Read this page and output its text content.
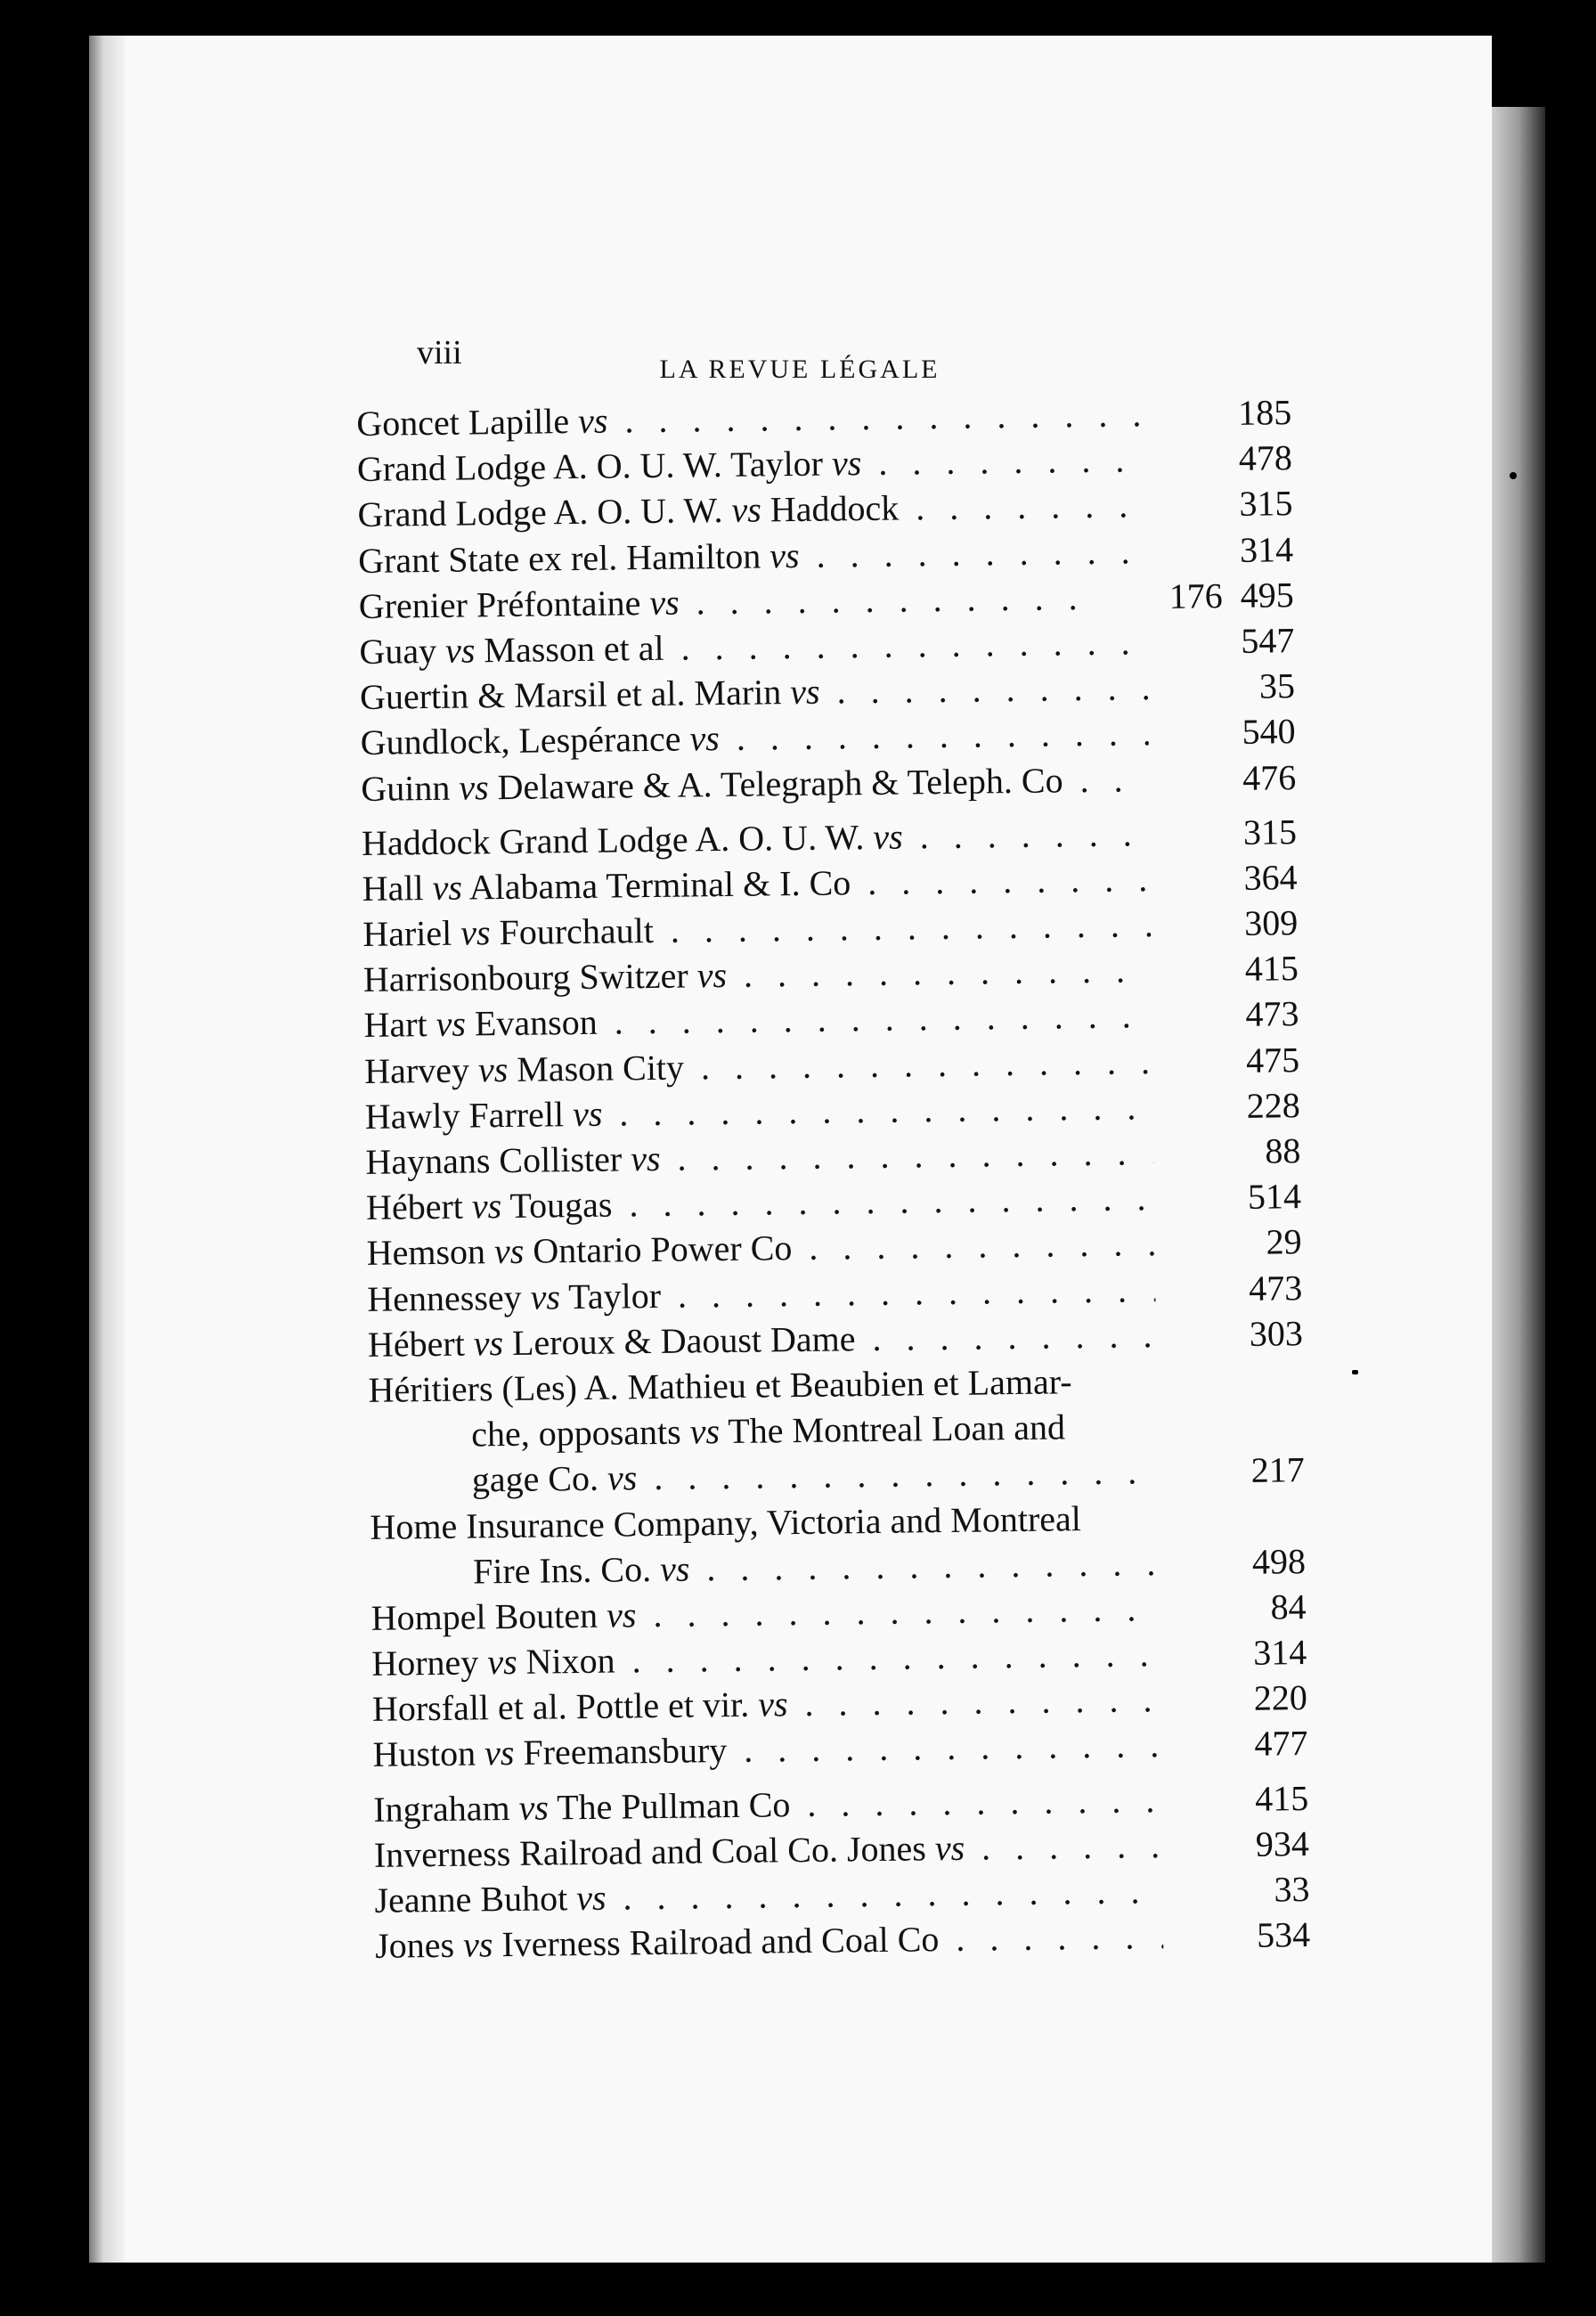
viii	LA REVUE LÉGALE
Goncet Lapille vs . . .	185
Grand Lodge A. O. U. W. Taylor vs . . .	478
Grand Lodge A. O. U. W. vs Haddock . . .	315
Grant State ex rel. Hamilton vs . . .	314
Grenier Préfontaine vs . . .	176  495
Guay vs Masson et al . . .	547
Guertin & Marsil et al. Marin vs . . .	35
Gundlock, Lespérance vs . . .	540
Guinn vs Delaware & A. Telegraph & Teleph. Co . . .	476
Haddock Grand Lodge A. O. U. W. vs . . .	315
Hall vs Alabama Terminal & I. Co . . .	364
Hariel vs Fourchault . . .	309
Harrisonbourg Switzer vs . . .	415
Hart vs Evanson . . .	473
Harvey vs Mason City . . .	475
Hawly Farrell vs . . .	228
Haynans Collister vs . . .	88
Hébert vs Tougas . . .	514
Hemson vs Ontario Power Co . . .	29
Hennessey vs Taylor . . .	473
Hébert vs Leroux & Daoust Dame . . .	303
Héritiers (Les) A. Mathieu et Beaubien et Lamar-
che, opposants vs The Montreal Loan and
gage Co. vs . . .	217
Home Insurance Company, Victoria and Montreal
Fire Ins. Co. vs . . .	498
Hompel Bouten vs . . .	84
Horney vs Nixon . . .	314
Horsfall et al. Pottle et vir. vs . . .	220
Huston vs Freemansbury . . .	477
Ingraham vs The Pullman Co . . .	415
Inverness Railroad and Coal Co. Jones vs . . .	934
Jeanne Buhot vs . . .	33
Jones vs Iverness Railroad and Coal Co . . .	534
